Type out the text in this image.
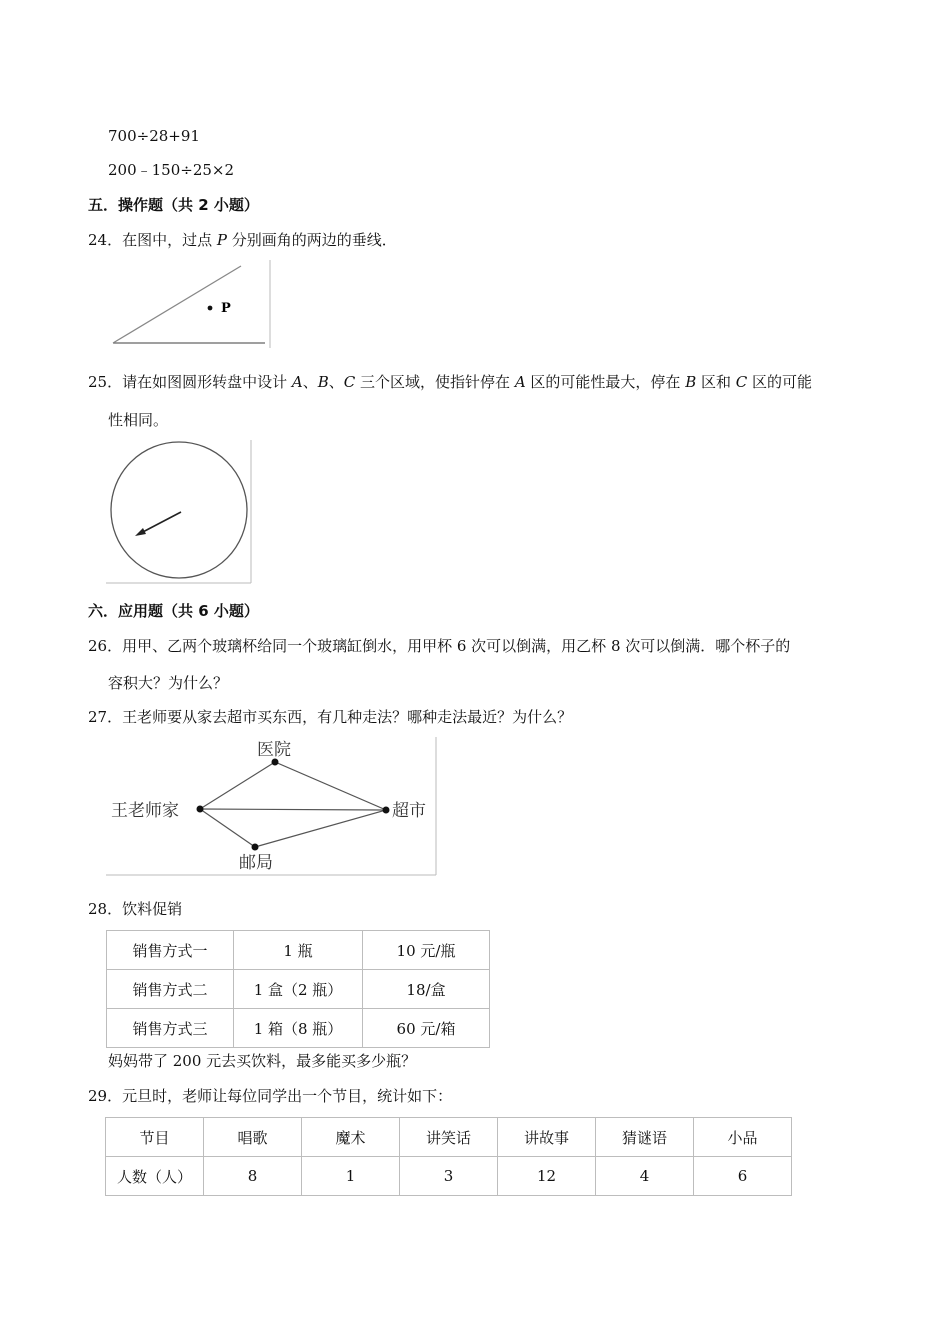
700÷28+91
200﹣150÷25×2
五．操作题（共 2 小题）
24．在图中，过点 P 分别画角的两边的垂线．
P
25．请在如图圆形转盘中设计 A、B、C 三个区域，使指针停在 A 区的可能性最大，停在 B 区和 C 区的可能
性相同。
六．应用题（共 6 小题）
26．用甲、乙两个玻璃杯给同一个玻璃缸倒水，用甲杯 6 次可以倒满，用乙杯 8 次可以倒满．哪个杯子的
容积大？为什么？
27．王老师要从家去超市买东西，有几种走法？哪种走法最近？为什么？
王老师家
医院
超市
邮局
28．饮料促销
销售方式一	1 瓶	10 元/瓶
销售方式二	1 盒（2 瓶）	18/盒
销售方式三	1 箱（8 瓶）	60 元/箱
妈妈带了 200 元去买饮料，最多能买多少瓶？
29．元旦时，老师让每位同学出一个节目，统计如下：
节目	唱歌	魔术	讲笑话	讲故事	猜谜语	小品
人数（人）	8	1	3	12	4	6
